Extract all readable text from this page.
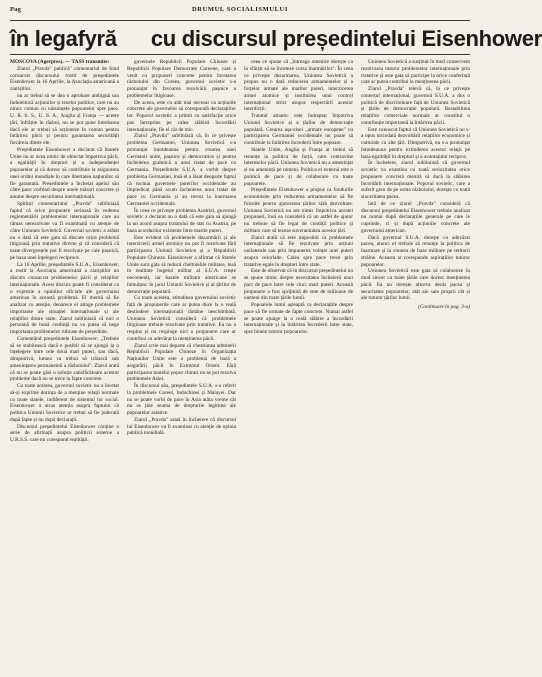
Pag	DRUMUL SOCIALISMULUI
în legafyră cu discursul președintelui Eisenhower

MOSCOVA (Agerpres). — TASS transmite:

Ziarul „Pravda" publică" comentariul de fond consacrat discursului rostit de președintele Eisenhower la 16 Aprilie, la Asociația americană a ziariștilor.

nu ar trebui să se dea o aprobare ambiguă sau îndoielnică acțiunilor și tezelor politice, care nu au nimic comun cu năzuințele popoarelor spre pace. U. R. S. S., U. S. A., Anglia și Franța — aceste țări, înfrățite în război, nu se pot pune întrebarea dacă ele ar trebui să acționeze în comun pentru întărirea păcii și pentru garantarea securității fiecăreia dintre ele.

Președintele Eisenhower a declarat că Statele Unite nu ar avea nimic de obiectat împotriva păcii, a egalității în drepturi și a independenței popoarelor și că doresc să contribuie la asigurarea unei ordini mondiale în care libertatea națiunilor să fie garantată. Președintele a încheiat apelul său către pace vorbind despre unele măsuri concrete și anume despre securitatea internațională.

Spiritul comentariului „Pravda" subliniază faptul că orice propunere serioasă în vederea reglementării problemelor internaționale care au rămas nerezolvate va fi examinată cu atenție de către Uniunea Sovietică. Guvernul sovietic a arătat nu o dată că este gata să discute orice problemă litigioasă prin tratative directe și că consideră că toate divergențele pot fi rezolvate pe cale pașnică, pe baza unei înțelegeri reciproce.

La 16 Aprilie, președintele S.U.A., Eisenhower, a rostit la Asociația americană a ziariștilor un discurs consacrat problemelor păcii și relațiilor internaționale. Acest discurs poate fi considerat ca o expresie a opiniilor oficiale ale guvernului american în această problemă. El merită să fie analizat cu atenție, deoarece el atinge problemele importante ale situației internaționale și ale relațiilor dintre state. Ziarul subliniază că nici o persoană de bună credință nu va putea să nege importanța problemelor ridicate de președinte.

Comentând președintele Eisenhower: „Trebuie să se stabilească dacă e posibil să se ajungă la o înțelegere între cele două mari puteri, sau dacă, dimpotrivă, lumea va trebui să trăiască sub amenințarea permanentă a războiului". Ziarul arată că nu se poate găsi o soluție satisfăcătoare acestor probleme dacă nu se trece la fapte concrete.

Cu toate acestea, guvernul sovietic nu a încetat să-și exprime dorința de a menține relații normale cu toate statele, indiferent de sistemul lor social. Eisenhower a atras atenția asupra faptului că politica Uniunii Sovietice ar trebui să fie judecată după fapte și nu după declarații.

Discursul președintelui Eisenhower conține o serie de afirmații asupra politicii externe a U.R.S.S. care nu corespund realității.

guvernele Republicii Populare Chineze și Republicii Populare Democrate Coreene, care a venit cu propuneri concrete pentru încetarea războiului din Coreea, guvernul sovietic s-a pronunțat în favoarea rezolvării pașnice a problemelor litigioase.

De aceea, este cu atât mai necesar ca acțiunile concrete ale guvernelor să corespundă declarațiilor lor. Poporul sovietic a primit cu satisfacție orice pas întreprins pe calea slăbirii încordării internaționale, fie el cât de mic.

Ziarul „Pravda" subliniază că, în ce privește problema Germaniei, Uniunea Sovietică s-a pronunțat întotdeauna pentru crearea unei Germanii unite, pașnice și democratice și pentru încheierea grabnică a unui tratat de pace cu Germania. Președintele S.U.A. a vorbit despre problema Germaniei, însă el a lăsat deoparte faptul că tocmai guvernele puterilor occidentale au împiedicat până acum încheierea unui tratat de pace cu Germania și au trecut la înarmarea Germaniei occidentale.

În ceea ce privește problema Austriei, guvernul sovietic a declarat nu o dată că este gata să ajungă la un acord asupra tratatului de stat cu Austria, pe baza acordurilor existente între marile puteri.

Este evident că problemele dezarmării și ale interzicerii armei atomice nu pot fi rezolvate fără participarea Uniunii Sovietice și a Republicii Populare Chineze. Eisenhower a afirmat că Statele Unite sunt gata să reducă cheltuielile militare, însă în realitate bugetul militar al S.U.A. crește necontenit, iar bazele militare americane se înmulțesc în jurul Uniunii Sovietice și al țărilor de democrație populară.

Cu toate acestea, atitudinea guvernului sovietic față de propunerile care ar putea duce la o reală destindere internațională rămâne neschimbată. Uniunea Sovietică consideră că problemele litigioase trebuie rezolvate prin tratative. Ea nu a respins și nu respinge nici o propunere care ar contribui cu adevărat la menținerea păcii.

Ziarul scrie mai departe că chestiunea admiterii Republicii Populare Chineze în Organizația Națiunilor Unite este o problemă de bază a asigurării păcii în Extremul Orient. Fără participarea marelui popor chinez nu se pot rezolva problemele Asiei.

În discursul său, președintele S.U.A. s-a referit la problemele Coreei, Indochinei și Malayei. Dar nu se poate vorbi de pace în Asia atâta vreme cât nu se ține seama de drepturile legitime ale popoarelor asiatice.

Ziarul „Pravda" arată în încheiere că discursul lui Eisenhower va fi examinat cu atenție de opinia publică mondială.

ceea ce spune că „întreaga omenire dorește ca în sfârșit să se înceteze cursa înarmărilor". În ceea ce privește dezarmarea, Uniunea Sovietică a propus nu o dată reducerea armamentelor și a forțelor armate ale marilor puteri, interzicerea armei atomice și instituirea unui control internațional strict asupra respectării acestor interdicții.

Tratatul atlantic este îndreptat împotriva Uniunii Sovietice și a țărilor de democrație populară. Crearea așa-zisei „armate europene" cu participarea Germaniei occidentale nu poate să contribuie la întărirea încrederii între popoare.

Statele Unite, Anglia și Franța ar trebui să renunțe la politica de forță, care contravine intereselor păcii. Uniunea Sovietică nu a amenințat și nu amenință pe nimeni. Politica ei externă este o politică de pace și de colaborare cu toate popoarele.

Președintele Eisenhower a propus ca fondurile economisite prin reducerea armamentelor să fie folosite pentru ajutorarea țărilor slab dezvoltate. Uniunea Sovietică nu are nimic împotriva acestei propuneri, însă ea consideră că un astfel de ajutor nu trebuie să fie legat de condiții politice și militare care să lezeze suveranitatea acestor țări.

Ziarul arată că este imposibil ca problemele internaționale să fie rezolvate prin acțiuni unilaterale sau prin impunerea voinței unei puteri asupra celorlalte. Calea spre pace trece prin tratative egale în drepturi între state.

Este de observat că în discursul președintelui nu se spune nimic despre necesitatea încheierii unui pact de pace între cele cinci mari puteri. Această propunere a fost sprijinită de sute de milioane de oameni din toate țările lumii.

Popoarele lumii așteaptă ca declarațiile despre pace să fie urmate de fapte concrete. Numai astfel se poate ajunge la o reală slăbire a încordării internaționale și la întărirea încrederii între state, spre binele tuturor popoarelor.

Uniunea Sovietică a susținut în mod consecvent rezolvarea tuturor problemelor internaționale prin tratative și este gata să participe la orice conferință care ar putea contribui la menținerea păcii.

Ziarul „Pravda" relevă că, în ce privește comerțul internațional, guvernul S.U.A. a dus o politică de discriminare față de Uniunea Sovietică și țările de democrație populară. Restabilirea relațiilor comerciale normale ar constitui o contribuție importantă la întărirea păcii.

Este cunoscut faptul că Uniunea Sovietică nu s-a opus niciodată dezvoltării relațiilor economice și culturale cu alte țări. Dimpotrivă, ea s-a pronunțat întotdeauna pentru extinderea acestor relații pe baza egalității în drepturi și a avantajului reciproc.

În încheiere, ziarul subliniază că guvernul sovietic va examina cu toată seriozitatea orice propunere concretă menită să ducă la slăbirea încordării internaționale. Poporul sovietic, care a suferit greu de pe urma războiului, dorește cu toată sinceritatea pacea.

Iată de ce ziarul „Pravda" consideră că discursul președintelui Eisenhower trebuie analizat nu numai după declarațiile generale pe care le cuprinde, ci și după acțiunile concrete ale guvernului american.

Dacă guvernul S.U.A. dorește cu adevărat pacea, atunci el trebuie să renunțe la politica de înarmare și la crearea de baze militare pe teritorii străine. Aceasta ar corespunde aspirațiilor tuturor popoarelor.

Uniunea Sovietică este gata să colaboreze în mod sincer cu toate țările care doresc menținerea păcii. Ea nu dorește altceva decât pacea și securitatea popoarelor, atât ale sale proprii cât și ale tuturor țărilor lumii.

(Continuare în pag. 3-a)
